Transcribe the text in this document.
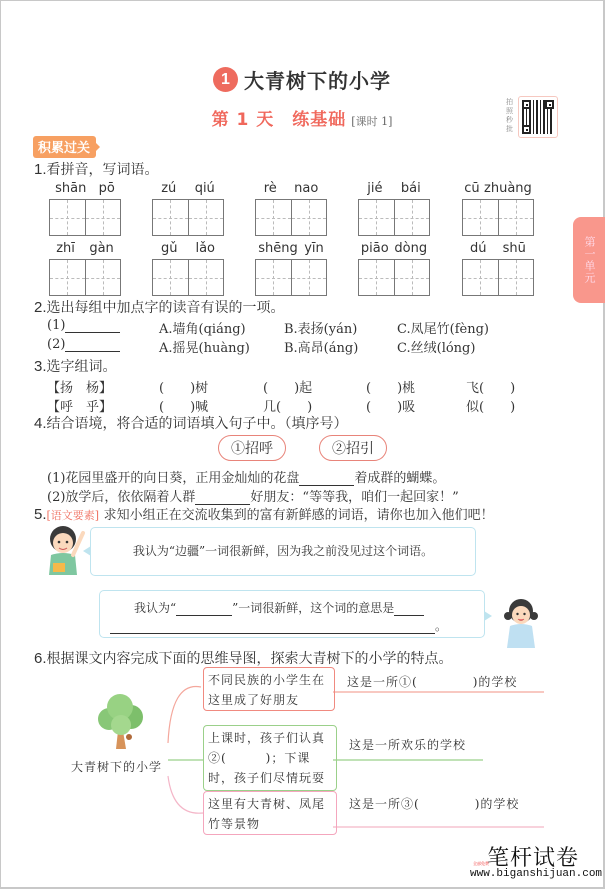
1 大青树下的小学
第 1 天 练基础 [课时 1]
拍照秒批
第一单元
积累过关
1.看拼音，写词语。
shān pō	zú qiú	rè nao	jié bái	cū zhuàng
zhī gàn	gǔ lǎo	shēng yīn	piāo dòng	dú shū
2.选出每组中加点字的读音有误的一项。
(1)	A.墙角(qiáng)	B.表扬(yán)	C.凤尾竹(fèng)
(2)	A.摇晃(huàng)	B.高昂(áng)	C.丝绒(lóng)
3.选字组词。
【扬　杨】	(　　)树	(　　)起	(　　)桃	飞(　　)
【呼　乎】	(　　)喊	几(　　)	(　　)吸	似(　　)
4.结合语境，将合适的词语填入句子中。（填序号）
①招呼	②招引
(1)花园里盛开的向日葵，正用金灿灿的花盘	着成群的蝴蝶。
(2)放学后，依依隔着人群	好朋友：“等等我，咱们一起回家！”
5.[语文要素] 求知小组正在交流收集到的富有新鲜感的词语，请你也加入他们吧！
我认为“边疆”一词很新鲜，因为我之前没见过这个词语。
我认为“	”一词很新鲜，这个词的意思是
。
6.根据课文内容完成下面的思维导图，探索大青树下的小学的特点。
大青树下的小学
不同民族的小学生在这里成了好朋友
这是一所①(	)的学校
上课时，孩子们认真②(　　　)；下课时，孩子们尽情玩耍
这是一所欢乐的学校
这里有大青树、凤尾竹等景物
这是一所③(	)的学校
全部免费
笔杆试卷
www.biganshijuan.com
